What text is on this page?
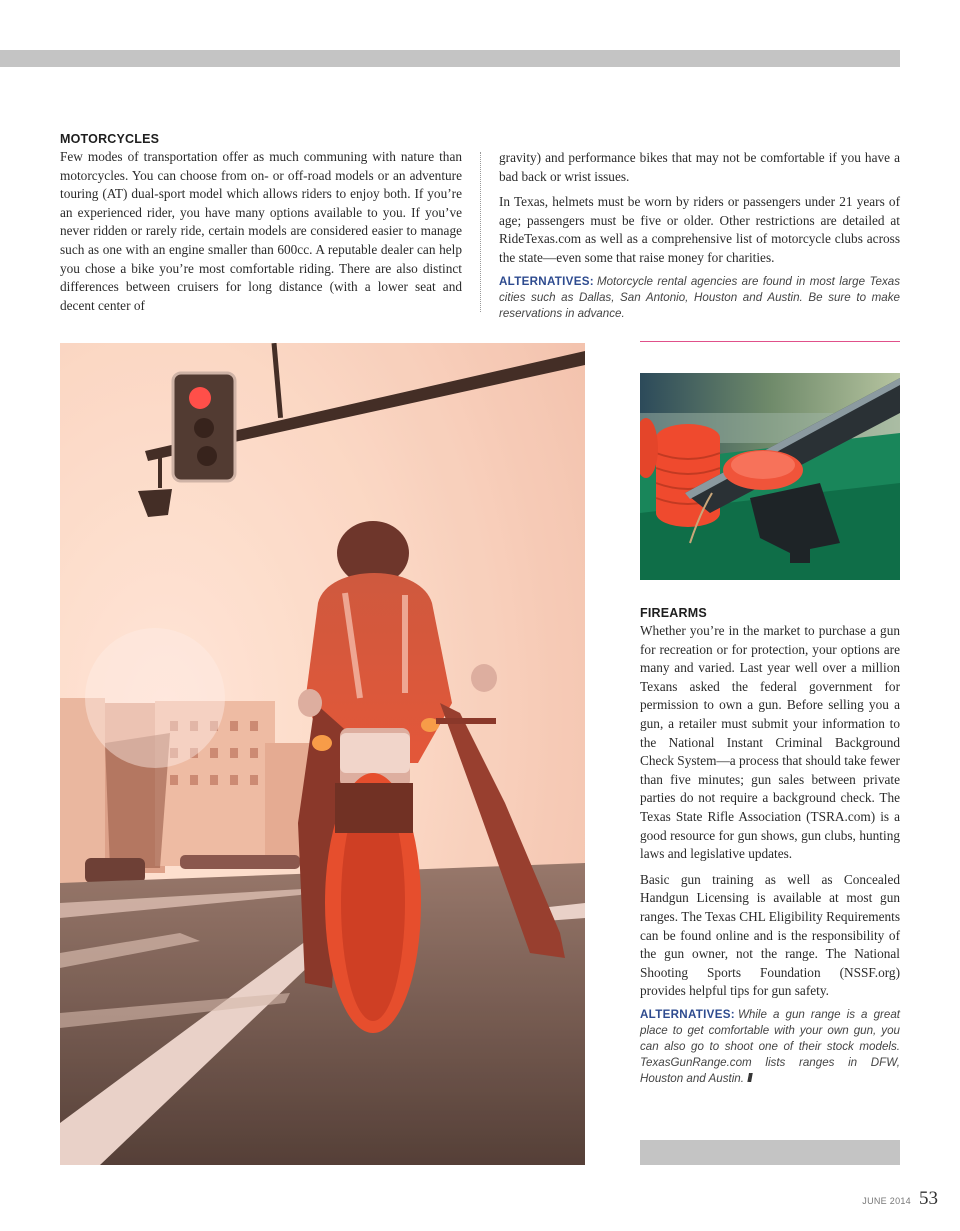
MOTORCYCLES

Few modes of transportation offer as much communing with nature than motorcycles. You can choose from on- or off-road models or an adventure touring (AT) dual-sport model which allows riders to enjoy both. If you’re an experienced rider, you have many options available to you. If you’ve never ridden or rarely ride, certain models are considered easier to manage such as one with an engine smaller than 600cc. A reputable dealer can help you chose a bike you’re most comfortable riding. There are also distinct differences between cruisers for long distance (with a lower seat and decent center of

gravity) and performance bikes that may not be comfortable if you have a bad back or wrist issues.

In Texas, helmets must be worn by riders or passengers under 21 years of age; passengers must be five or older. Other restrictions are detailed at RideTexas.com as well as a comprehensive list of motorcycle clubs across the state—even some that raise money for charities.

ALTERNATIVES: Motorcycle rental agencies are found in most large Texas cities such as Dallas, San Antonio, Houston and Austin. Be sure to make reservations in advance.
FIREARMS

Whether you’re in the market to purchase a gun for recreation or for protection, your options are many and varied. Last year well over a million Texans asked the federal government for permission to own a gun. Before selling you a gun, a retailer must submit your information to the National Instant Criminal Background Check System—a process that should take fewer than five minutes; gun sales between private parties do not require a background check. The Texas State Rifle Association (TSRA.com) is a good resource for gun shows, gun clubs, hunting laws and legislative updates.

Basic gun training as well as Concealed Handgun Licensing is available at most gun ranges. The Texas CHL Eligibility Requirements can be found online and is the responsibility of the gun owner, not the range. The National Shooting Sports Foundation (NSSF.org) provides helpful tips for gun safety.

ALTERNATIVES: While a gun range is a great place to get comfortable with your own gun, you can also go to shoot one of their stock models. TexasGunRange.com lists ranges in DFW, Houston and Austin. ///
JUNE 2014 53
